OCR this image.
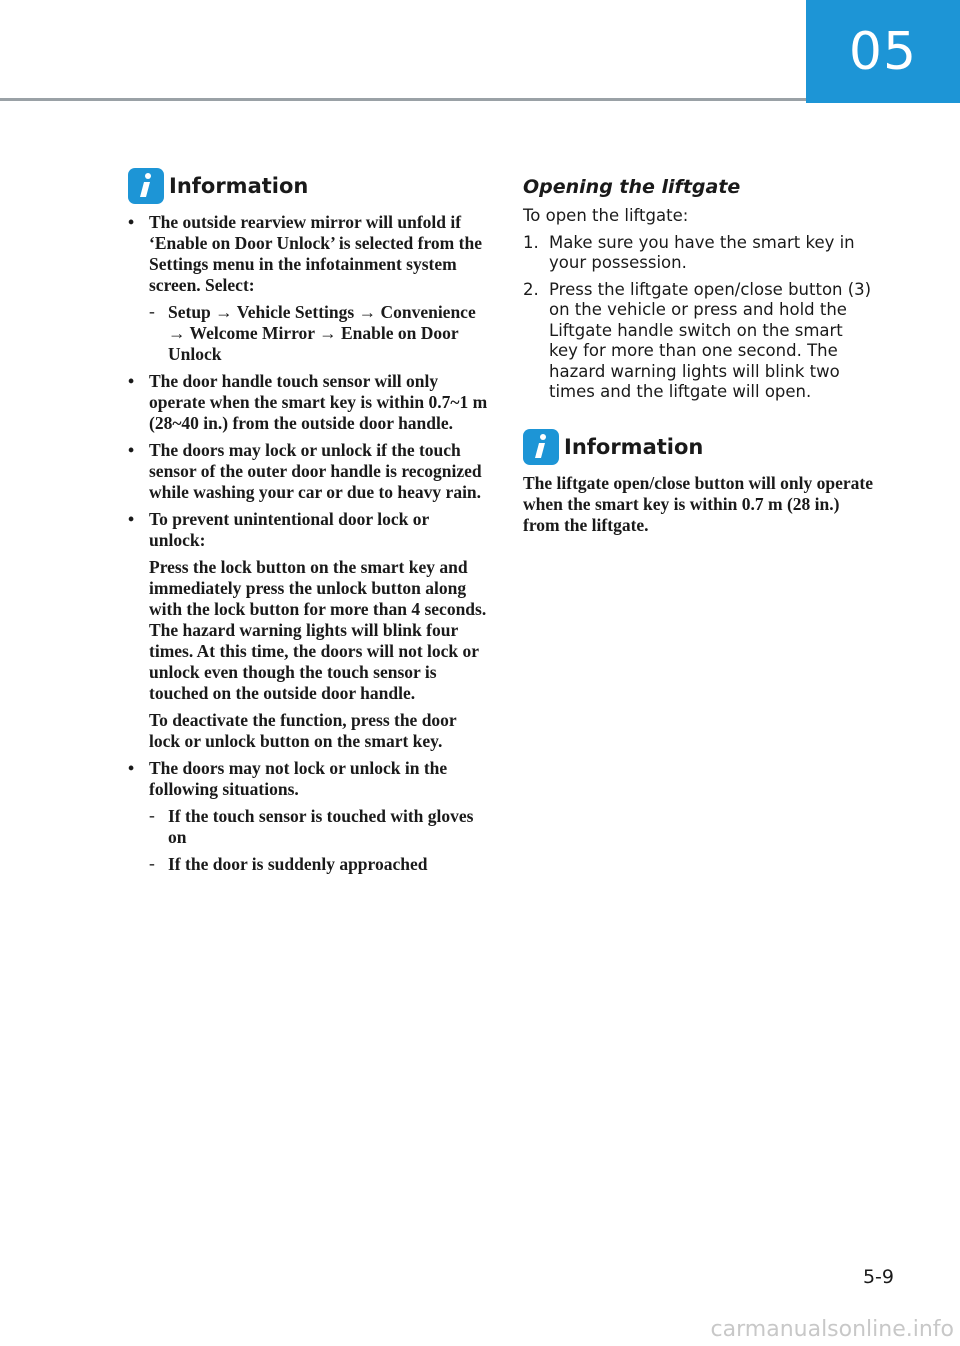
05
Information
• The outside rearview mirror will unfold if ‘Enable on Door Unlock’ is selected from the Settings menu in the infotainment system screen. Select:

- Setup → Vehicle Settings → Convenience → Welcome Mirror → Enable on Door Unlock
• The door handle touch sensor will only operate when the smart key is within 0.7~1 m (28~40 in.) from the outside door handle.

• The doors may lock or unlock if the touch sensor of the outer door handle is recognized while washing your car or due to heavy rain.

• To prevent unintentional door lock or unlock:

Press the lock button on the smart key and immediately press the unlock button along with the lock button for more than 4 seconds. The hazard warning lights will blink four times. At this time, the doors will not lock or unlock even though the touch sensor is touched on the outside door handle.

To deactivate the function, press the door lock or unlock button on the smart key.

• The doors may not lock or unlock in the following situations.

- If the touch sensor is touched with gloves on
- If the door is suddenly approached
Opening the liftgate
To open the liftgate:
1. Make sure you have the smart key in your possession.
2. Press the liftgate open/close button (3) on the vehicle or press and hold the Liftgate handle switch on the smart key for more than one second. The hazard warning lights will blink two times and the liftgate will open.
Information
The liftgate open/close button will only operate when the smart key is within 0.7 m (28 in.) from the liftgate.
5-9
carmanualsonline.info
